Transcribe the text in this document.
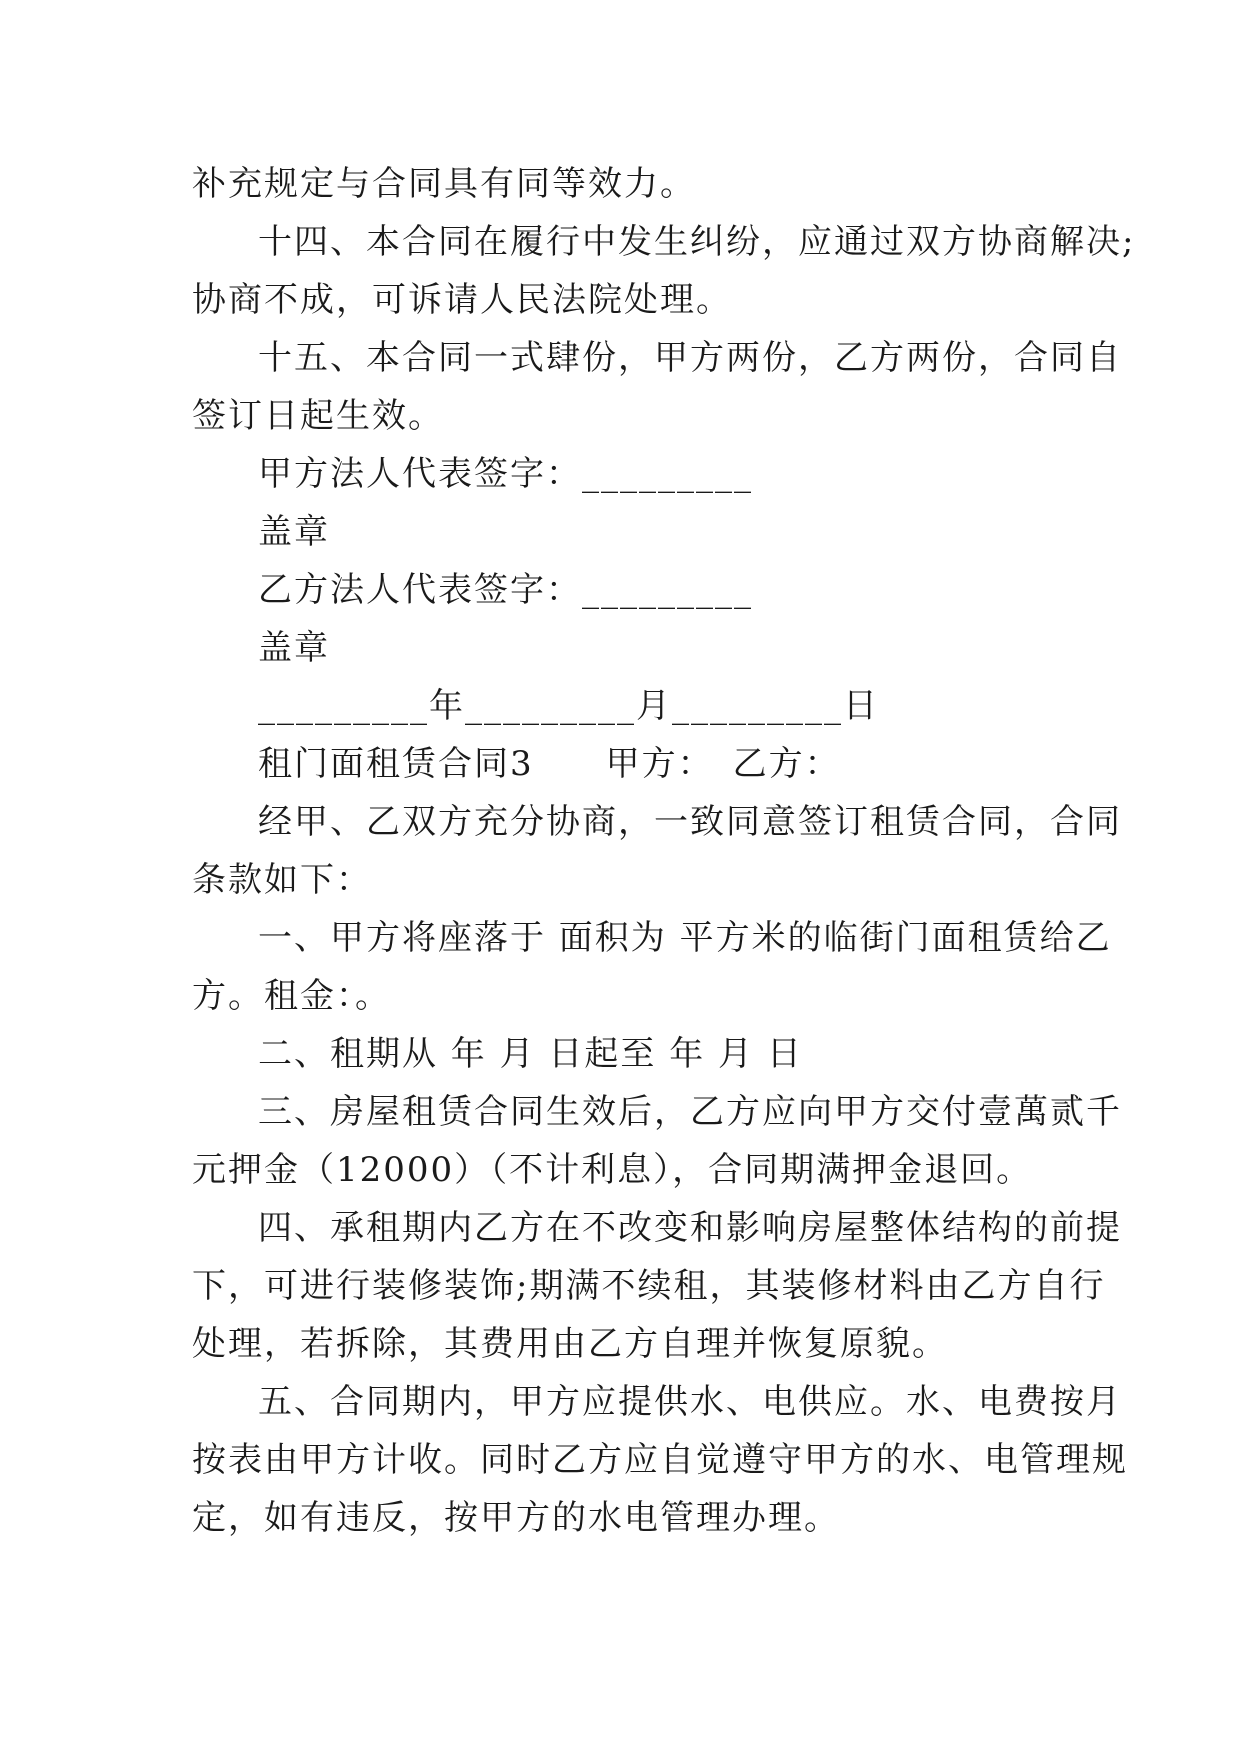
补充规定与合同具有同等效力。
十四、本合同在履行中发生纠纷，应通过双方协商解决;
协商不成，可诉请人民法院处理。
十五、本合同一式肆份，甲方两份，乙方两份，合同自
签订日起生效。
甲方法人代表签字：_________
盖章
乙方法人代表签字：_________
盖章
_________年_________月_________日
租门面租赁合同3　　甲方：　乙方：
经甲、乙双方充分协商，一致同意签订租赁合同，合同
条款如下：
一、甲方将座落于 面积为 平方米的临街门面租赁给乙
方。租金：。
二、租期从 年 月 日起至 年 月 日
三、房屋租赁合同生效后，乙方应向甲方交付壹萬贰千
元押金（12000）（不计利息），合同期满押金退回。
四、承租期内乙方在不改变和影响房屋整体结构的前提
下，可进行装修装饰;期满不续租，其装修材料由乙方自行
处理，若拆除，其费用由乙方自理并恢复原貌。
五、合同期内，甲方应提供水、电供应。水、电费按月
按表由甲方计收。同时乙方应自觉遵守甲方的水、电管理规
定，如有违反，按甲方的水电管理办理。
